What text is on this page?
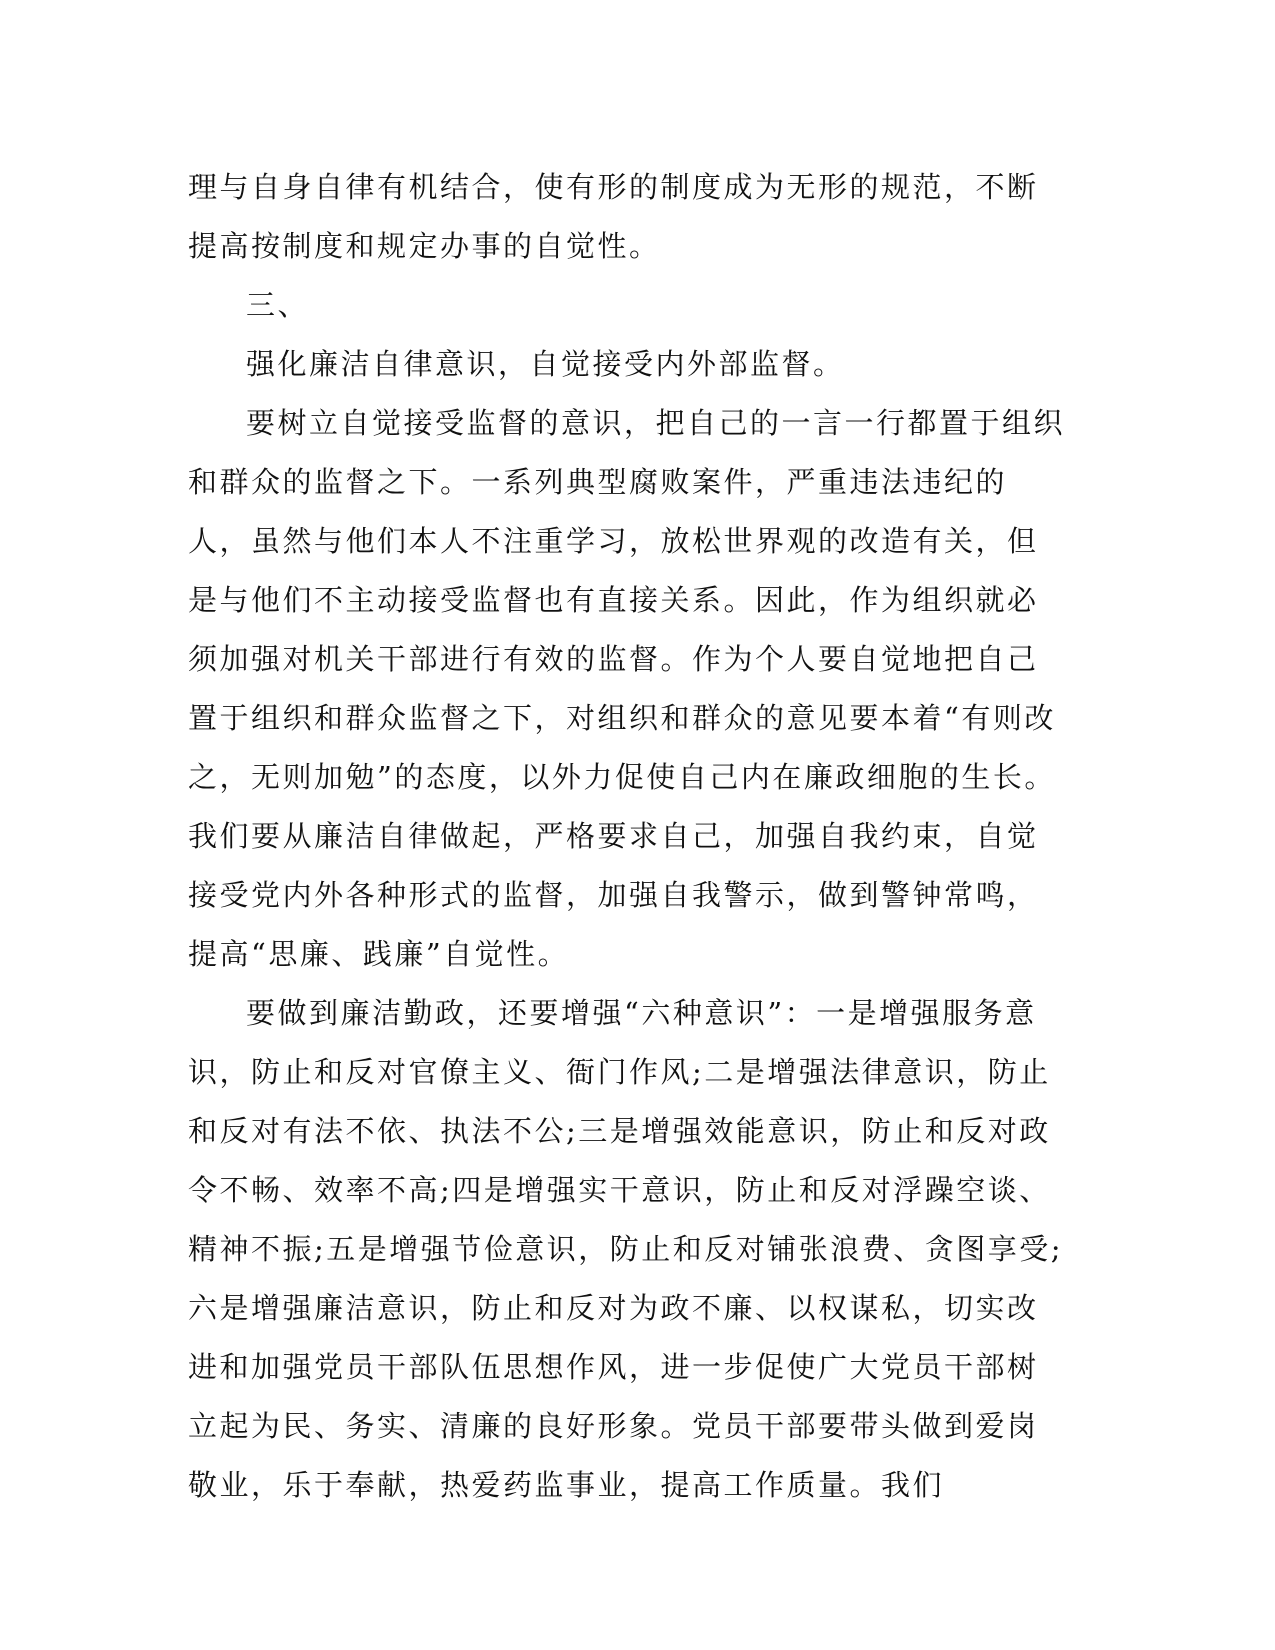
理与自身自律有机结合，使有形的制度成为无形的规范，不断提高按制度和规定办事的自觉性。

三、

强化廉洁自律意识，自觉接受内外部监督。

要树立自觉接受监督的意识，把自己的一言一行都置于组织和群众的监督之下。一系列典型腐败案件，严重违法违纪的人，虽然与他们本人不注重学习，放松世界观的改造有关，但是与他们不主动接受监督也有直接关系。因此，作为组织就必须加强对机关干部进行有效的监督。作为个人要自觉地把自己置于组织和群众监督之下，对组织和群众的意见要本着“有则改之，无则加勉”的态度，以外力促使自己内在廉政细胞的生长。我们要从廉洁自律做起，严格要求自己，加强自我约束，自觉接受党内外各种形式的监督，加强自我警示，做到警钟常鸣，提高“思廉、践廉”自觉性。

要做到廉洁勤政，还要增强“六种意识”：一是增强服务意识，防止和反对官僚主义、衙门作风;二是增强法律意识，防止和反对有法不依、执法不公;三是增强效能意识，防止和反对政令不畅、效率不高;四是增强实干意识，防止和反对浮躁空谈、精神不振;五是增强节俭意识，防止和反对铺张浪费、贪图享受;六是增强廉洁意识，防止和反对为政不廉、以权谋私，切实改进和加强党员干部队伍思想作风，进一步促使广大党员干部树立起为民、务实、清廉的良好形象。党员干部要带头做到爱岗敬业，乐于奉献，热爱药监事业，提高工作质量。我们
